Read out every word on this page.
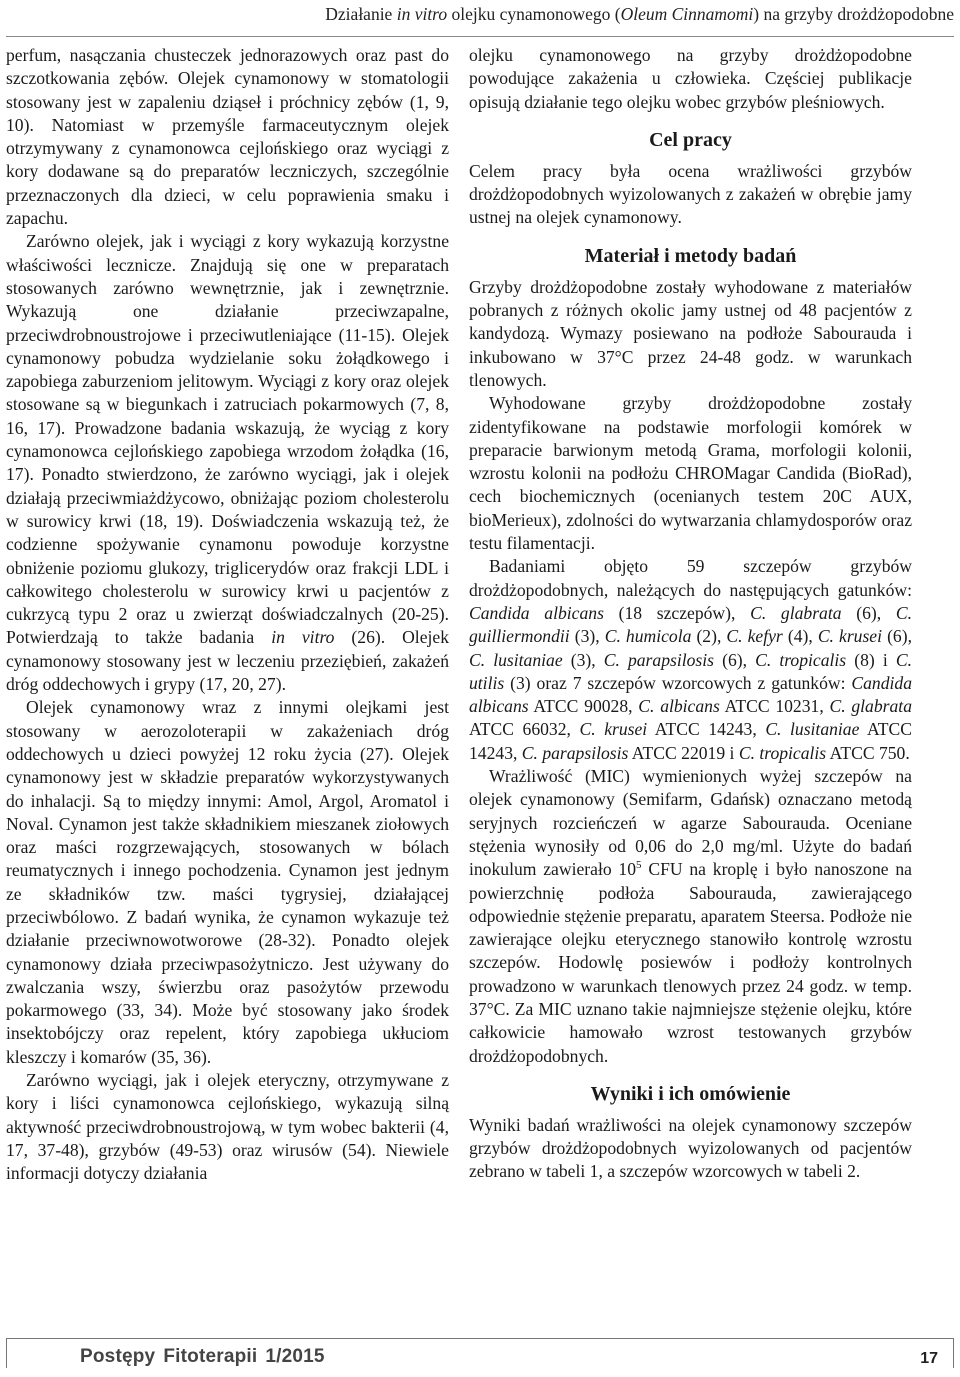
Działanie in vitro olejku cynamonowego (Oleum Cinnamomi) na grzyby drożdżopodobne

perfum, nasączania chusteczek jednorazowych oraz past do szczotkowania zębów. Olejek cynamonowy w stomatologii stosowany jest w zapaleniu dziąseł i próchnicy zębów (1, 9, 10). Natomiast w przemyśle farmaceutycznym olejek otrzymywany z cynamonowca cejlońskiego oraz wyciągi z kory dodawane są do preparatów leczniczych, szczególnie przeznaczonych dla dzieci, w celu poprawienia smaku i zapachu.

Zarówno olejek, jak i wyciągi z kory wykazują korzystne właściwości lecznicze. Znajdują się one w preparatach stosowanych zarówno wewnętrznie, jak i zewnętrznie. Wykazują one działanie przeciwzapalne, przeciwdrobnoustrojowe i przeciwutleniające (11-15). Olejek cynamonowy pobudza wydzielanie soku żołądkowego i zapobiega zaburzeniom jelitowym. Wyciągi z kory oraz olejek stosowane są w biegunkach i zatruciach pokarmowych (7, 8, 16, 17). Prowadzone badania wskazują, że wyciąg z kory cynamonowca cejlońskiego zapobiega wrzodom żołądka (16, 17). Ponadto stwierdzono, że zarówno wyciągi, jak i olejek działają przeciwmiażdżycowo, obniżając poziom cholesterolu w surowicy krwi (18, 19). Doświadczenia wskazują też, że codzienne spożywanie cynamonu powoduje korzystne obniżenie poziomu glukozy, triglicerydów oraz frakcji LDL i całkowitego cholesterolu w surowicy krwi u pacjentów z cukrzycą typu 2 oraz u zwierząt doświadczalnych (20-25). Potwierdzają to także badania in vitro (26). Olejek cynamonowy stosowany jest w leczeniu przeziębień, zakażeń dróg oddechowych i grypy (17, 20, 27).

Olejek cynamonowy wraz z innymi olejkami jest stosowany w aerozoloterapii w zakażeniach dróg oddechowych u dzieci powyżej 12 roku życia (27). Olejek cynamonowy jest w składzie preparatów wykorzystywanych do inhalacji. Są to między innymi: Amol, Argol, Aromatol i Noval. Cynamon jest także składnikiem mieszanek ziołowych oraz maści rozgrzewających, stosowanych w bólach reumatycznych i innego pochodzenia. Cynamon jest jednym ze składników tzw. maści tygrysiej, działającej przeciwbólowo. Z badań wynika, że cynamon wykazuje też działanie przeciwnowotworowe (28-32). Ponadto olejek cynamonowy działa przeciwpasożytniczo. Jest używany do zwalczania wszy, świerzbu oraz pasożytów przewodu pokarmowego (33, 34). Może być stosowany jako środek insektobójczy oraz repelent, który zapobiega ukłuciom kleszczy i komarów (35, 36).

Zarówno wyciągi, jak i olejek eteryczny, otrzymywane z kory i liści cynamonowca cejlońskiego, wykazują silną aktywność przeciwdrobnoustrojową, w tym wobec bakterii (4, 17, 37-48), grzybów (49-53) oraz wirusów (54). Niewiele informacji dotyczy działania

olejku cynamonowego na grzyby drożdżopodobne powodujące zakażenia u człowieka. Częściej publikacje opisują działanie tego olejku wobec grzybów pleśniowych.

Cel pracy

Celem pracy była ocena wrażliwości grzybów drożdżopodobnych wyizolowanych z zakażeń w obrębie jamy ustnej na olejek cynamonowy.

Materiał i metody badań

Grzyby drożdżopodobne zostały wyhodowane z materiałów pobranych z różnych okolic jamy ustnej od 48 pacjentów z kandydozą. Wymazy posiewano na podłoże Sabourauda i inkubowano w 37°C przez 24-48 godz. w warunkach tlenowych.

Wyhodowane grzyby drożdżopodobne zostały zidentyfikowane na podstawie morfologii komórek w preparacie barwionym metodą Grama, morfologii kolonii, wzrostu kolonii na podłożu CHROMagar Candida (BioRad), cech biochemicznych (ocenianych testem 20C AUX, bioMerieux), zdolności do wytwarzania chlamydosporów oraz testu filamentacji.

Badaniami objęto 59 szczepów grzybów drożdżopodobnych, należących do następujących gatunków: Candida albicans (18 szczepów), C. glabrata (6), C. guilliermondii (3), C. humicola (2), C. kefyr (4), C. krusei (6), C. lusitaniae (3), C. parapsilosis (6), C. tropicalis (8) i C. utilis (3) oraz 7 szczepów wzorcowych z gatunków: Candida albicans ATCC 90028, C. albicans ATCC 10231, C. glabrata ATCC 66032, C. krusei ATCC 14243, C. lusitaniae ATCC 14243, C. parapsilosis ATCC 22019 i C. tropicalis ATCC 750.

Wrażliwość (MIC) wymienionych wyżej szczepów na olejek cynamonowy (Semifarm, Gdańsk) oznaczano metodą seryjnych rozcieńczeń w agarze Sabourauda. Oceniane stężenia wynosiły od 0,06 do 2,0 mg/ml. Użyte do badań inokulum zawierało $10^5$ CFU na kroplę i było nanoszone na powierzchnię podłoża Sabourauda, zawierającego odpowiednie stężenie preparatu, aparatem Steersa. Podłoże nie zawierające olejku eterycznego stanowiło kontrolę wzrostu szczepów. Hodowlę posiewów i podłoży kontrolnych prowadzono w warunkach tlenowych przez 24 godz. w temp. 37°C. Za MIC uznano takie najmniejsze stężenie olejku, które całkowicie hamowało wzrost testowanych grzybów drożdżopodobnych.

Wyniki i ich omówienie

Wyniki badań wrażliwości na olejek cynamonowy szczepów grzybów drożdżopodobnych wyizolowanych od pacjentów zebrano w tabeli 1, a szczepów wzorcowych w tabeli 2.

Postępy Fitoterapii 1/2015	17
